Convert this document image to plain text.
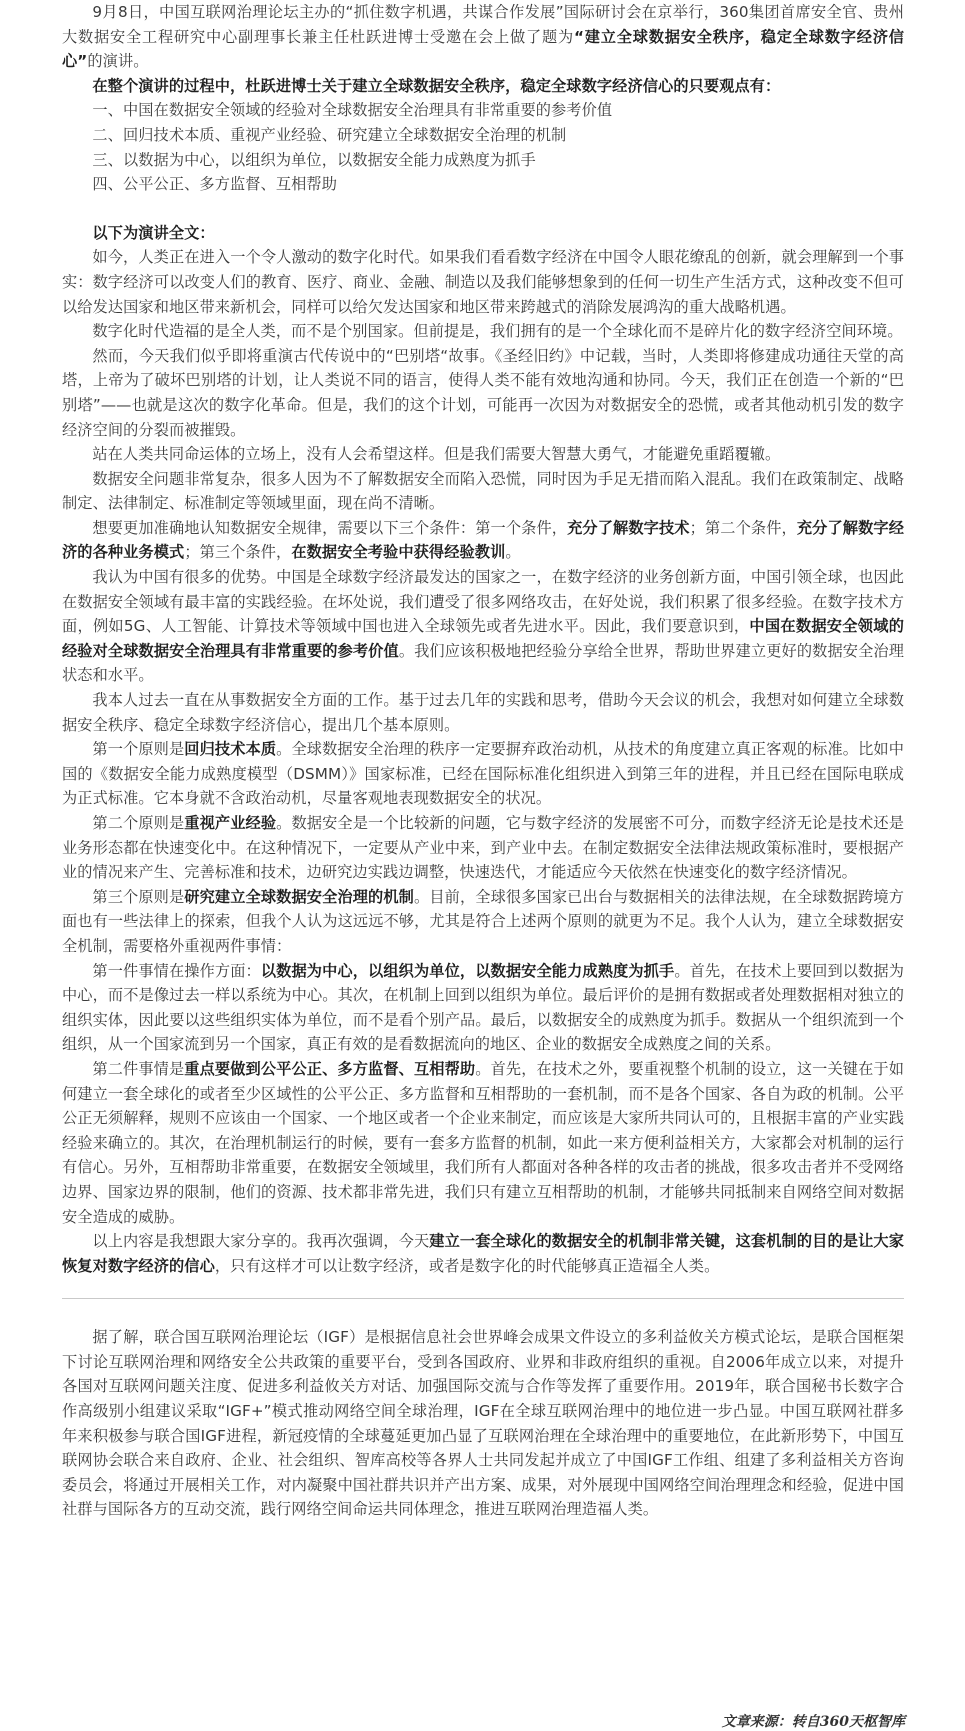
9月8日，中国互联网治理论坛主办的“抓住数字机遇，共谋合作发展”国际研讨会在京举行，360集团首席安全官、贵州大数据安全工程研究中心副理事长兼主任杜跃进博士受邀在会上做了题为“建立全球数据安全秩序，稳定全球数字经济信心”的演讲。

在整个演讲的过程中，杜跃进博士关于建立全球数据安全秩序，稳定全球数字经济信心的只要观点有：

一、中国在数据安全领域的经验对全球数据安全治理具有非常重要的参考价值

二、回归技术本质、重视产业经验、研究建立全球数据安全治理的机制

三、以数据为中心，以组织为单位，以数据安全能力成熟度为抓手

四、公平公正、多方监督、互相帮助

以下为演讲全文：

如今，人类正在进入一个令人激动的数字化时代。如果我们看看数字经济在中国令人眼花缭乱的创新，就会理解到一个事实：数字经济可以改变人们的教育、医疗、商业、金融、制造以及我们能够想象到的任何一切生产生活方式，这种改变不但可以给发达国家和地区带来新机会，同样可以给欠发达国家和地区带来跨越式的消除发展鸿沟的重大战略机遇。

数字化时代造福的是全人类，而不是个别国家。但前提是，我们拥有的是一个全球化而不是碎片化的数字经济空间环境。

然而，今天我们似乎即将重演古代传说中的“巴别塔“故事。《圣经旧约》中记载，当时，人类即将修建成功通往天堂的高塔，上帝为了破坏巴别塔的计划，让人类说不同的语言，使得人类不能有效地沟通和协同。今天，我们正在创造一个新的“巴别塔”——也就是这次的数字化革命。但是，我们的这个计划，可能再一次因为对数据安全的恐慌，或者其他动机引发的数字经济空间的分裂而被摧毁。

站在人类共同命运体的立场上，没有人会希望这样。但是我们需要大智慧大勇气，才能避免重蹈覆辙。

数据安全问题非常复杂，很多人因为不了解数据安全而陷入恐慌，同时因为手足无措而陷入混乱。我们在政策制定、战略制定、法律制定、标准制定等领域里面，现在尚不清晰。

想要更加准确地认知数据安全规律，需要以下三个条件：第一个条件，充分了解数字技术；第二个条件，充分了解数字经济的各种业务模式；第三个条件，在数据安全考验中获得经验教训。

我认为中国有很多的优势。中国是全球数字经济最发达的国家之一，在数字经济的业务创新方面，中国引领全球，也因此在数据安全领域有最丰富的实践经验。在坏处说，我们遭受了很多网络攻击，在好处说，我们积累了很多经验。在数字技术方面，例如5G、人工智能、计算技术等领域中国也进入全球领先或者先进水平。因此，我们要意识到，中国在数据安全领域的经验对全球数据安全治理具有非常重要的参考价值。我们应该积极地把经验分享给全世界，帮助世界建立更好的数据安全治理状态和水平。

我本人过去一直在从事数据安全方面的工作。基于过去几年的实践和思考，借助今天会议的机会，我想对如何建立全球数据安全秩序、稳定全球数字经济信心，提出几个基本原则。

第一个原则是回归技术本质。全球数据安全治理的秩序一定要摒弃政治动机，从技术的角度建立真正客观的标准。比如中国的《数据安全能力成熟度模型（DSMM）》国家标准，已经在国际标准化组织进入到第三年的进程，并且已经在国际电联成为正式标准。它本身就不含政治动机，尽量客观地表现数据安全的状况。

第二个原则是重视产业经验。数据安全是一个比较新的问题，它与数字经济的发展密不可分，而数字经济无论是技术还是业务形态都在快速变化中。在这种情况下，一定要从产业中来，到产业中去。在制定数据安全法律法规政策标准时，要根据产业的情况来产生、完善标准和技术，边研究边实践边调整，快速迭代，才能适应今天依然在快速变化的数字经济情况。

第三个原则是研究建立全球数据安全治理的机制。目前，全球很多国家已出台与数据相关的法律法规，在全球数据跨境方面也有一些法律上的探索，但我个人认为这远远不够，尤其是符合上述两个原则的就更为不足。我个人认为，建立全球数据安全机制，需要格外重视两件事情：

第一件事情在操作方面：以数据为中心，以组织为单位，以数据安全能力成熟度为抓手。首先，在技术上要回到以数据为中心，而不是像过去一样以系统为中心。其次，在机制上回到以组织为单位。最后评价的是拥有数据或者处理数据相对独立的组织实体，因此要以这些组织实体为单位，而不是看个别产品。最后，以数据安全的成熟度为抓手。数据从一个组织流到一个组织，从一个国家流到另一个国家，真正有效的是看数据流向的地区、企业的数据安全成熟度之间的关系。

第二件事情是重点要做到公平公正、多方监督、互相帮助。首先，在技术之外，要重视整个机制的设立，这一关键在于如何建立一套全球化的或者至少区域性的公平公正、多方监督和互相帮助的一套机制，而不是各个国家、各自为政的机制。公平公正无须解释，规则不应该由一个国家、一个地区或者一个企业来制定，而应该是大家所共同认可的，且根据丰富的产业实践经验来确立的。其次，在治理机制运行的时候，要有一套多方监督的机制，如此一来方便利益相关方，大家都会对机制的运行有信心。另外，互相帮助非常重要，在数据安全领域里，我们所有人都面对各种各样的攻击者的挑战，很多攻击者并不受网络边界、国家边界的限制，他们的资源、技术都非常先进，我们只有建立互相帮助的机制，才能够共同抵制来自网络空间对数据安全造成的威胁。

以上内容是我想跟大家分享的。我再次强调，今天建立一套全球化的数据安全的机制非常关键，这套机制的目的是让大家恢复对数字经济的信心，只有这样才可以让数字经济，或者是数字化的时代能够真正造福全人类。

据了解，联合国互联网治理论坛（IGF）是根据信息社会世界峰会成果文件设立的多利益攸关方模式论坛，是联合国框架下讨论互联网治理和网络安全公共政策的重要平台，受到各国政府、业界和非政府组织的重视。自2006年成立以来，对提升各国对互联网问题关注度、促进多利益攸关方对话、加强国际交流与合作等发挥了重要作用。2019年，联合国秘书长数字合作高级别小组建议采取“IGF+”模式推动网络空间全球治理，IGF在全球互联网治理中的地位进一步凸显。中国互联网社群多年来积极参与联合国IGF进程，新冠疫情的全球蔓延更加凸显了互联网治理在全球治理中的重要地位，在此新形势下，中国互联网协会联合来自政府、企业、社会组织、智库高校等各界人士共同发起并成立了中国IGF工作组、组建了多利益相关方咨询委员会，将通过开展相关工作，对内凝聚中国社群共识并产出方案、成果，对外展现中国网络空间治理理念和经验，促进中国社群与国际各方的互动交流，践行网络空间命运共同体理念，推进互联网治理造福人类。

文章来源：转自360天枢智库
